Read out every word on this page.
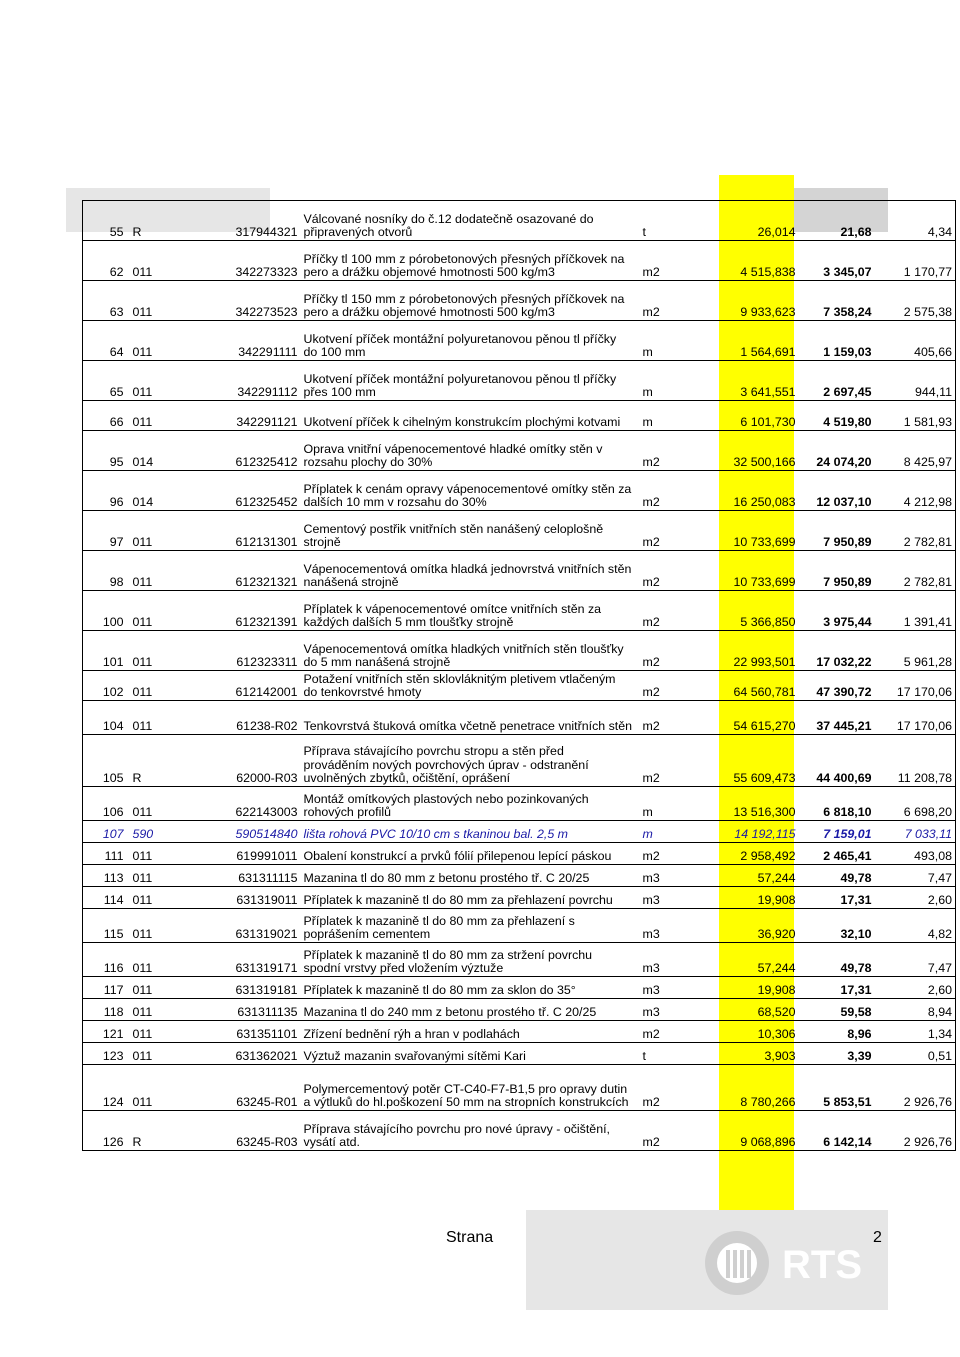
55	R	317944321	Válcované nosníky do č.12 dodatečně osazované do připravených otvorů	t	26,014	21,68	4,34
62	011	342273323	Příčky tl 100 mm z pórobetonových přesných příčkovek na pero a drážku objemové hmotnosti 500 kg/m3	m2	4 515,838	3 345,07	1 170,77
63	011	342273523	Příčky tl 150 mm z pórobetonových přesných příčkovek na pero a drážku objemové hmotnosti 500 kg/m3	m2	9 933,623	7 358,24	2 575,38
64	011	342291111	Ukotvení příček montážní polyuretanovou pěnou tl příčky do 100 mm	m	1 564,691	1 159,03	405,66
65	011	342291112	Ukotvení příček montážní polyuretanovou pěnou tl příčky přes 100 mm	m	3 641,551	2 697,45	944,11
66	011	342291121	Ukotvení příček k cihelným konstrukcím plochými kotvami	m	6 101,730	4 519,80	1 581,93
95	014	612325412	Oprava vnitřní vápenocementové hladké omítky stěn v rozsahu plochy do 30%	m2	32 500,166	24 074,20	8 425,97
96	014	612325452	Příplatek k cenám opravy vápenocementové omítky stěn za dalších 10 mm v rozsahu do 30%	m2	16 250,083	12 037,10	4 212,98
97	011	612131301	Cementový postřik vnitřních stěn nanášený celoplošně strojně	m2	10 733,699	7 950,89	2 782,81
98	011	612321321	Vápenocementová omítka hladká jednovrstvá vnitřních stěn nanášená strojně	m2	10 733,699	7 950,89	2 782,81
100	011	612321391	Příplatek k vápenocementové omítce vnitřních stěn za každých dalších 5 mm tloušťky strojně	m2	5 366,850	3 975,44	1 391,41
101	011	612323311	Vápenocementová omítka hladkých vnitřních stěn tloušťky do 5 mm nanášená strojně	m2	22 993,501	17 032,22	5 961,28
102	011	612142001	Potažení vnitřních stěn sklovláknitým pletivem vtlačeným do tenkovrstvé hmoty	m2	64 560,781	47 390,72	17 170,06
104	011	61238-R02	Tenkovrstvá štuková omítka včetně penetrace vnitřních stěn	m2	54 615,270	37 445,21	17 170,06
105	R	62000-R03	Příprava stávajícího povrchu stropu a stěn před prováděním nových povrchových úprav - odstranění uvolněných zbytků, očištění, oprášení	m2	55 609,473	44 400,69	11 208,78
106	011	622143003	Montáž omítkových plastových nebo pozinkovaných rohových profilů	m	13 516,300	6 818,10	6 698,20
107	590	590514840	lišta rohová PVC 10/10 cm s tkaninou bal. 2,5 m	m	14 192,115	7 159,01	7 033,11
111	011	619991011	Obalení konstrukcí a prvků fólií přilepenou lepící páskou	m2	2 958,492	2 465,41	493,08
113	011	631311115	Mazanina tl do 80 mm z betonu prostého tř. C 20/25	m3	57,244	49,78	7,47
114	011	631319011	Příplatek k mazanině tl do 80 mm za přehlazení povrchu	m3	19,908	17,31	2,60
115	011	631319021	Příplatek k mazanině tl do 80 mm za přehlazení s poprášením cementem	m3	36,920	32,10	4,82
116	011	631319171	Příplatek k mazanině tl do 80 mm za stržení povrchu spodní vrstvy před vložením výztuže	m3	57,244	49,78	7,47
117	011	631319181	Příplatek k mazanině tl do 80 mm za sklon do 35°	m3	19,908	17,31	2,60
118	011	631311135	Mazanina tl do 240 mm z betonu prostého tř. C 20/25	m3	68,520	59,58	8,94
121	011	631351101	Zřízení bednění rýh a hran v podlahách	m2	10,306	8,96	1,34
123	011	631362021	Výztuž mazanin svařovanými sítěmi Kari	t	3,903	3,39	0,51
124	011	63245-R01	Polymercementový potěr CT-C40-F7-B1,5 pro opravy dutin a výtluků do hl.poškození 50 mm na stropních konstrukcích	m2	8 780,266	5 853,51	2 926,76
126	R	63245-R03	Příprava stávajícího povrchu pro nové úpravy - očištění, vysátí atd.	m2	9 068,896	6 142,14	2 926,76
Strana	2
RTS
